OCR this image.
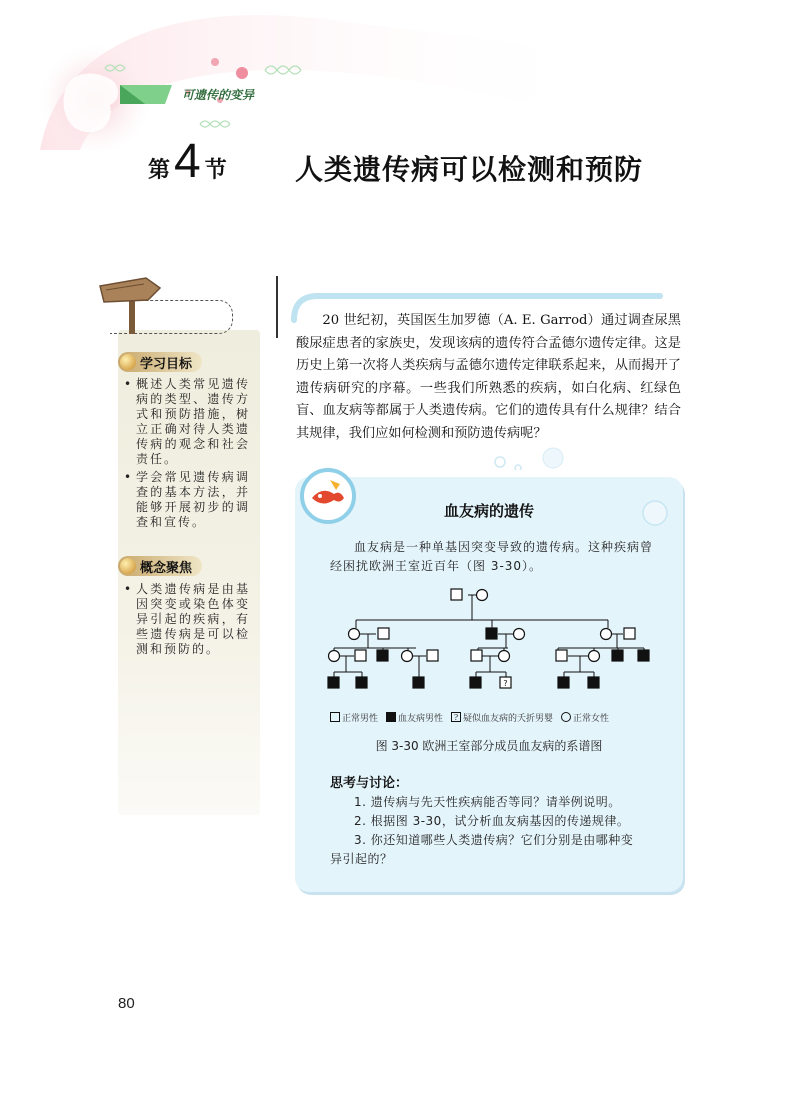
可遗传的变异
第 4 节 人类遗传病可以检测和预防
学习目标
• 概述人类常见遗传病的类型、遗传方式和预防措施，树立正确对待人类遗传病的观念和社会责任。
• 学会常见遗传病调查的基本方法，并能够开展初步的调查和宣传。
概念聚焦
• 人类遗传病是由基因突变或染色体变异引起的疾病，有些遗传病是可以检测和预防的。
20 世纪初，英国医生加罗德（A. E. Garrod）通过调查尿黑酸尿症患者的家族史，发现该病的遗传符合孟德尔遗传定律。这是历史上第一次将人类疾病与孟德尔遗传定律联系起来，从而揭开了遗传病研究的序幕。一些我们所熟悉的疾病，如白化病、红绿色盲、血友病等都属于人类遗传病。它们的遗传具有什么规律？结合其规律，我们应如何检测和预防遗传病呢？
血友病的遗传
血友病是一种单基因突变导致的遗传病。这种疾病曾经困扰欧洲王室近百年（图 3-30）。
?
正常男性 血友病男性	? 疑似血友病的夭折男婴 正常女性
图 3-30 欧洲王室部分成员血友病的系谱图
思考与讨论：
1. 遗传病与先天性疾病能否等同？请举例说明。
2. 根据图 3-30，试分析血友病基因的传递规律。
3. 你还知道哪些人类遗传病？它们分别是由哪种变
异引起的？
80
